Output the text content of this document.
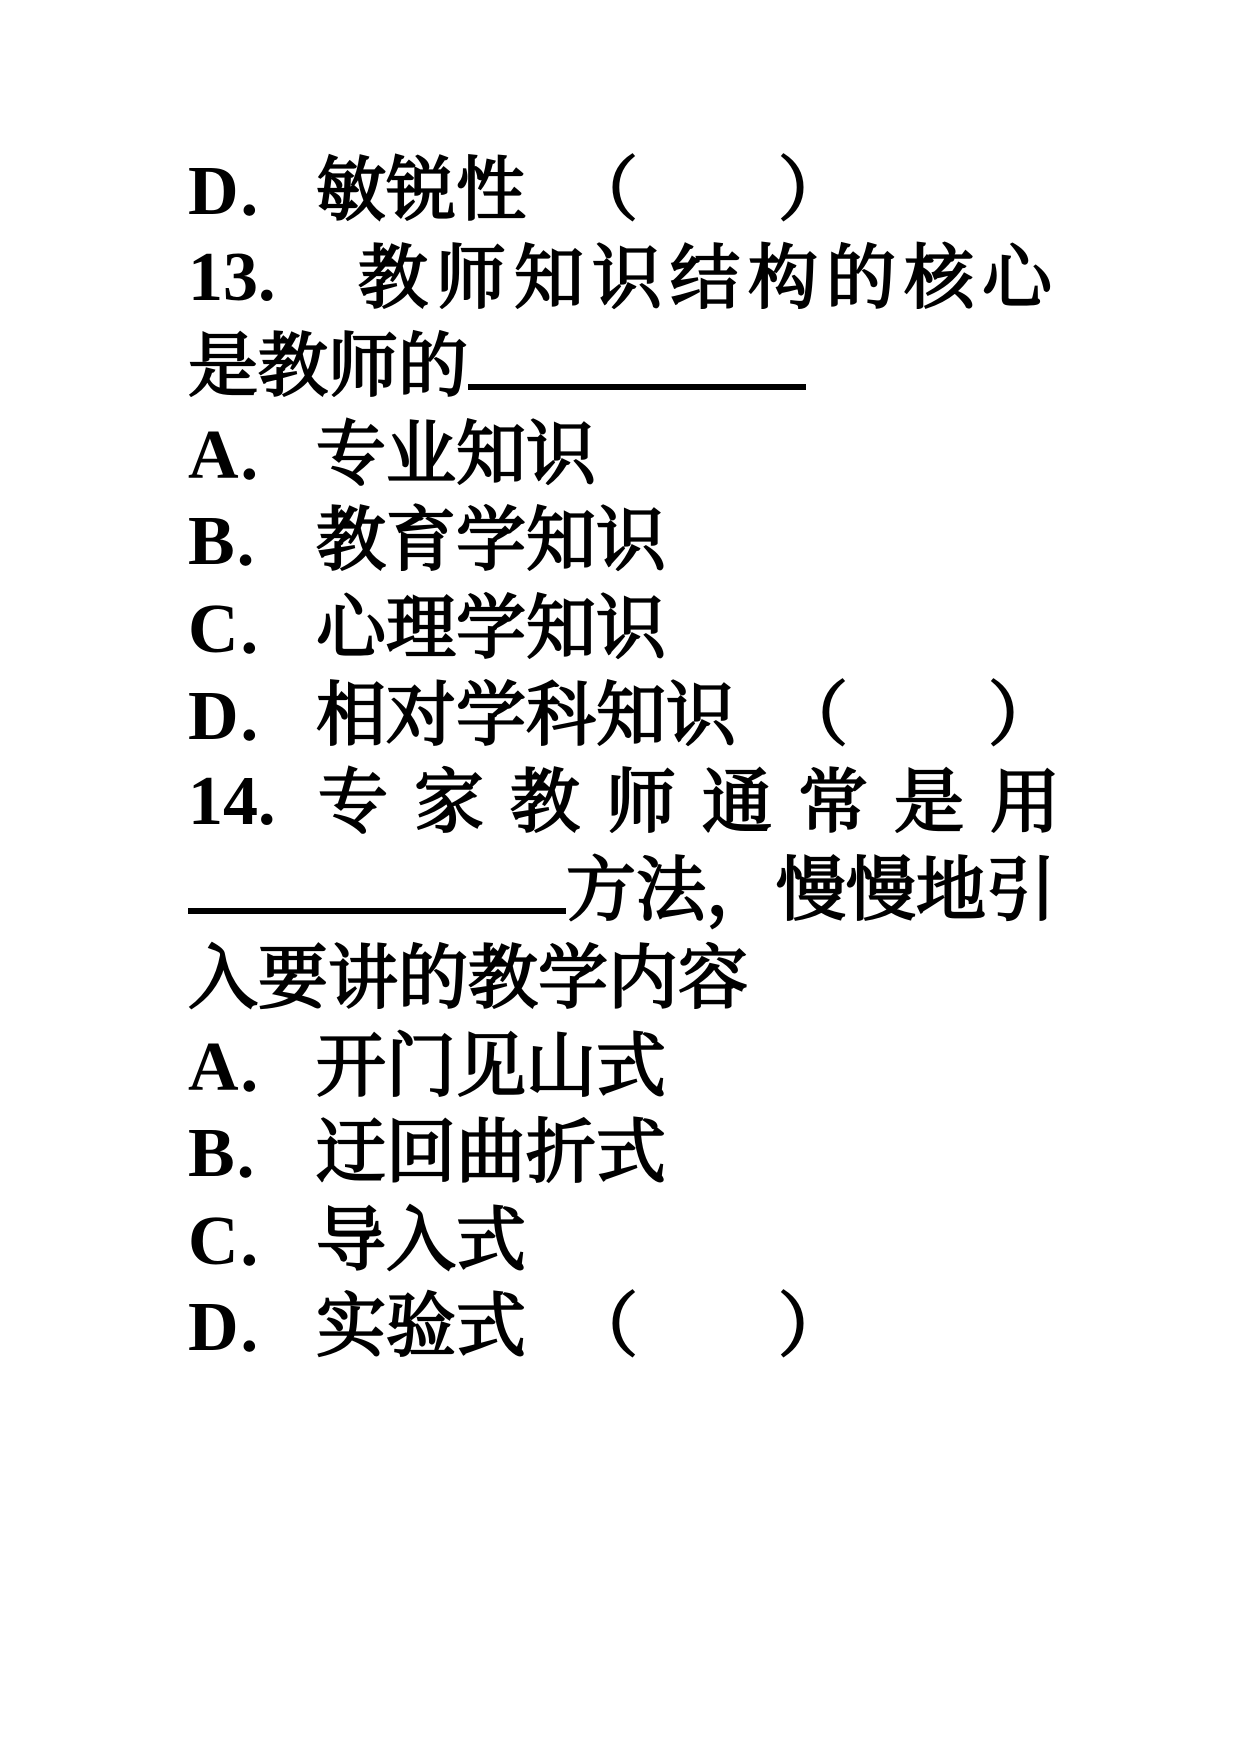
D． 敏锐性 （　　）
13. 教师知识结构的核心
是教师的
A． 专业知识
B． 教育学知识
C． 心理学知识
D． 相对学科知识 （　　）
14. 专家教师通常是用
方法，慢慢地引
入要讲的教学内容
A． 开门见山式
B． 迂回曲折式
C． 导入式
D． 实验式 （　　）
